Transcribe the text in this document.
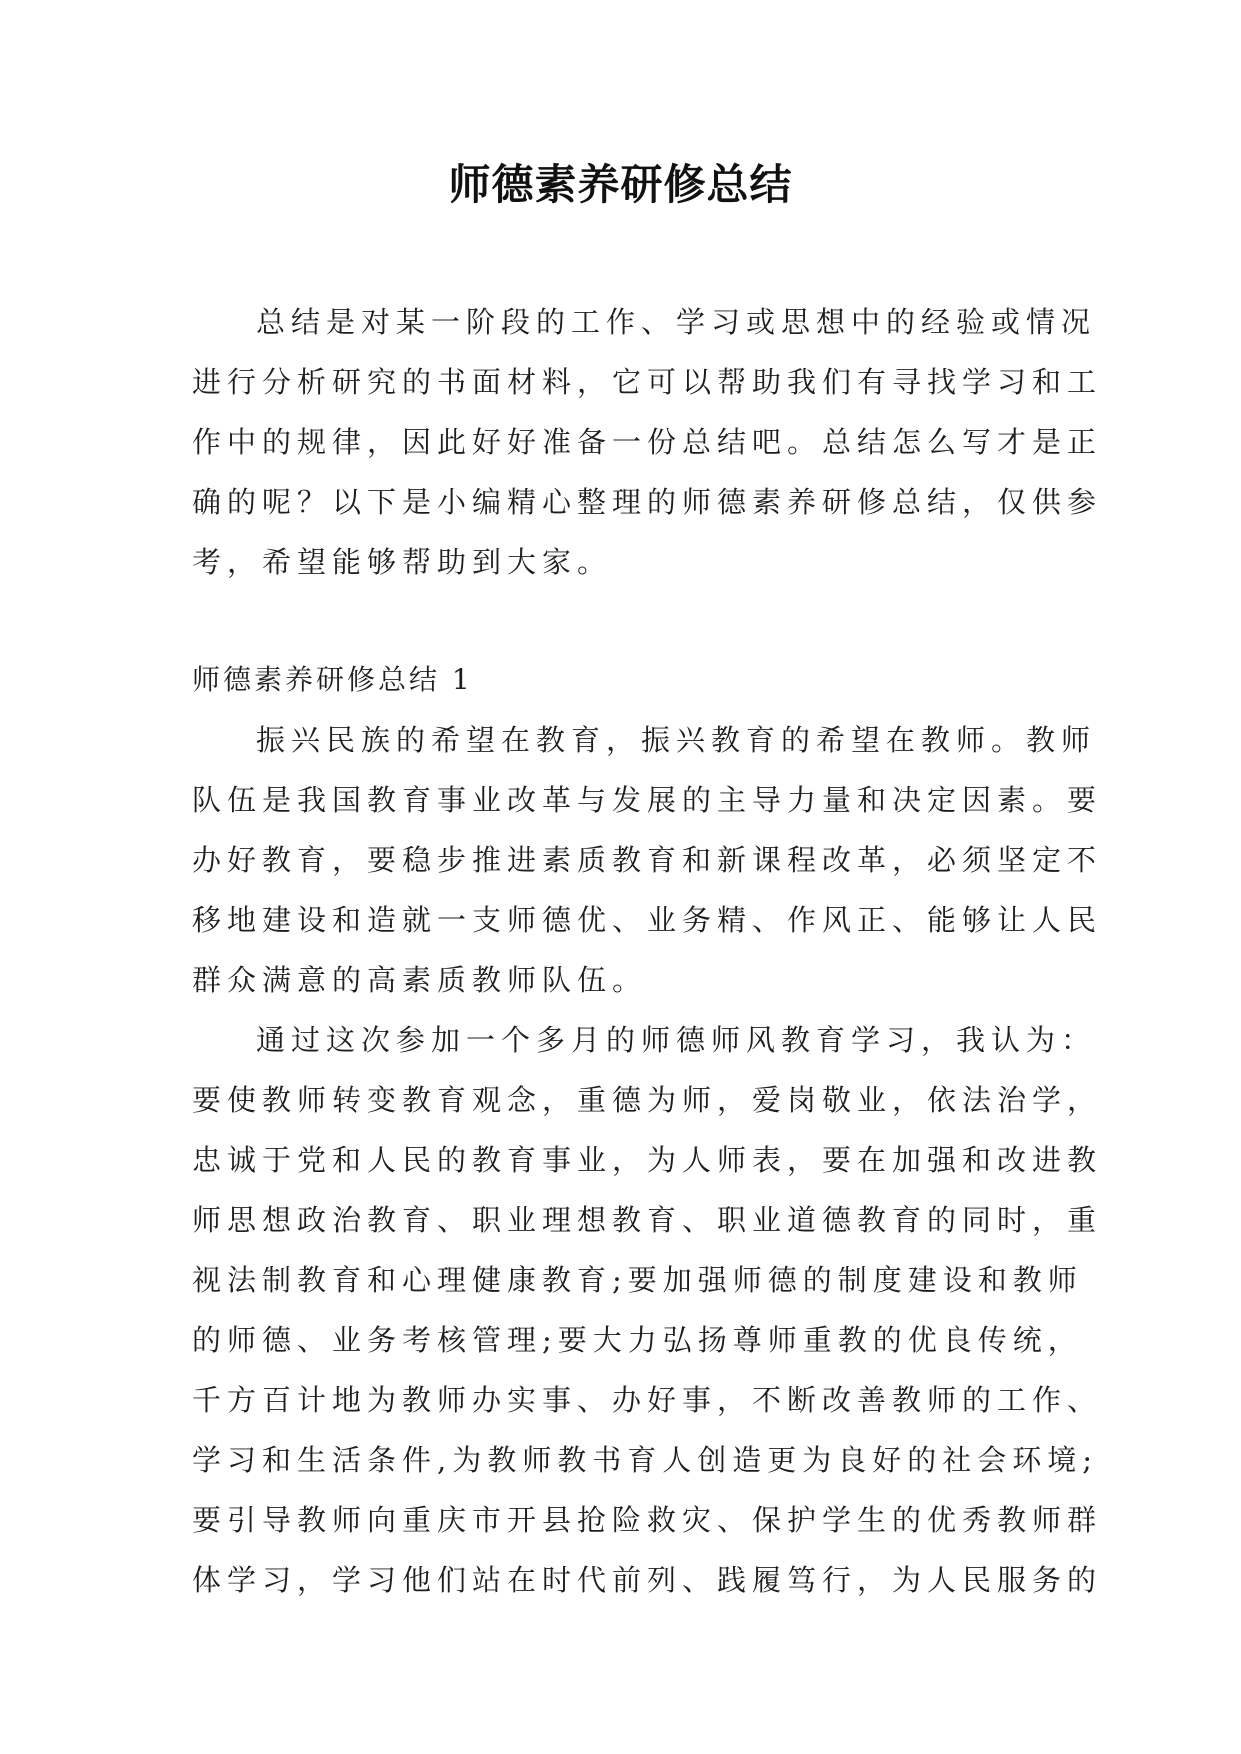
师德素养研修总结
总结是对某一阶段的工作、学习或思想中的经验或情况
进行分析研究的书面材料，它可以帮助我们有寻找学习和工
作中的规律，因此好好准备一份总结吧。总结怎么写才是正
确的呢？以下是小编精心整理的师德素养研修总结，仅供参
考，希望能够帮助到大家。
师德素养研修总结 1
振兴民族的希望在教育，振兴教育的希望在教师。教师
队伍是我国教育事业改革与发展的主导力量和决定因素。要
办好教育，要稳步推进素质教育和新课程改革，必须坚定不
移地建设和造就一支师德优、业务精、作风正、能够让人民
群众满意的高素质教师队伍。
通过这次参加一个多月的师德师风教育学习，我认为：
要使教师转变教育观念，重德为师，爱岗敬业，依法治学，
忠诚于党和人民的教育事业，为人师表，要在加强和改进教
师思想政治教育、职业理想教育、职业道德教育的同时，重
视法制教育和心理健康教育;要加强师德的制度建设和教师
的师德、业务考核管理;要大力弘扬尊师重教的优良传统，
千方百计地为教师办实事、办好事，不断改善教师的工作、
学习和生活条件,为教师教书育人创造更为良好的社会环境;
要引导教师向重庆市开县抢险救灾、保护学生的优秀教师群
体学习，学习他们站在时代前列、践履笃行，为人民服务的
